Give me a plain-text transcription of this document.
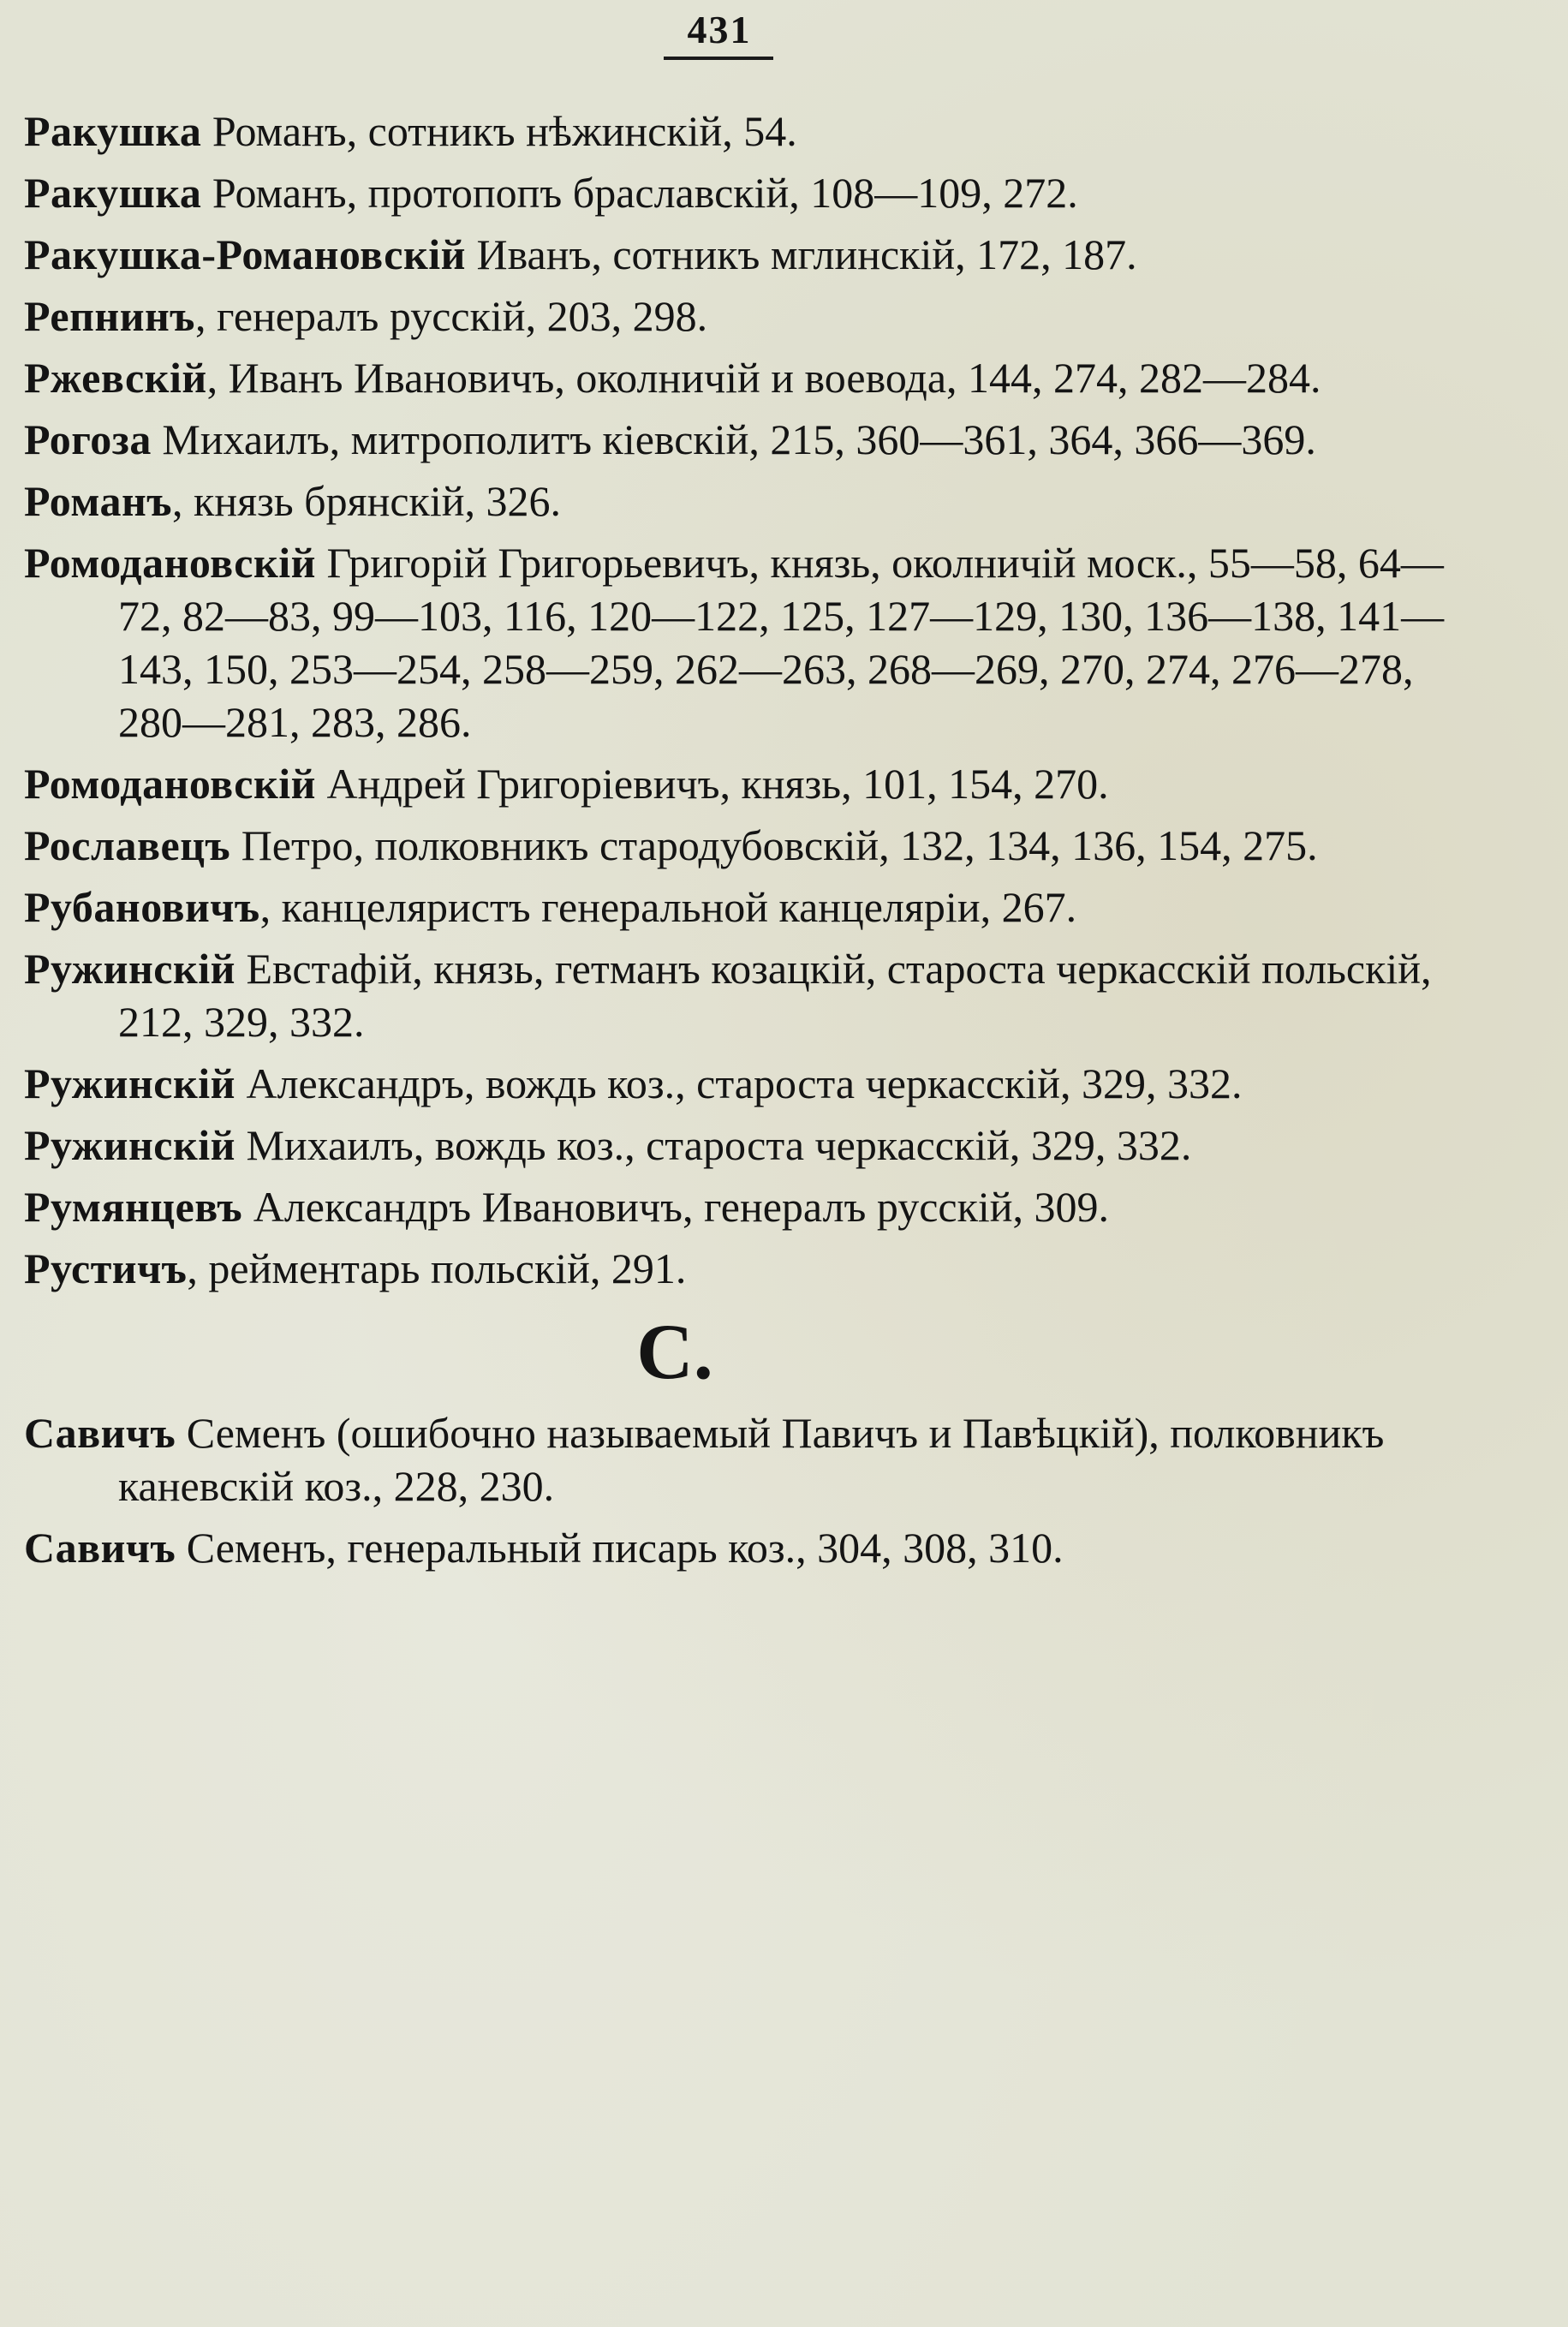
431
Ракушка Романъ, сотникъ нѣжинскій, 54.
Ракушка Романъ, протопопъ браславскій, 108—109, 272.
Ракушка-Романовскій Иванъ, сотникъ мглинскій, 172, 187.
Репнинъ, генералъ русскій, 203, 298.
Ржевскій, Иванъ Ивановичъ, околничій и воевода, 144, 274, 282—284.
Рогоза Михаилъ, митрополитъ кіевскій, 215, 360—361, 364, 366—369.
Романъ, князь брянскій, 326.
Ромодановскій Григорій Григорьевичъ, князь, околничій моск., 55—58, 64—72, 82—83, 99—103, 116, 120—122, 125, 127—129, 130, 136—138, 141—143, 150, 253—254, 258—259, 262—263, 268—269, 270, 274, 276—278, 280—281, 283, 286.
Ромодановскій Андрей Григоріевичъ, князь, 101, 154, 270.
Рославецъ Петро, полковникъ стародубовскій, 132, 134, 136, 154, 275.
Рубановичъ, канцеляристъ генеральной канцеляріи, 267.
Ружинскій Евстафій, князь, гетманъ козацкій, староста черкасскій польскій, 212, 329, 332.
Ружинскій Александръ, вождь коз., староста черкасскій, 329, 332.
Ружинскій Михаилъ, вождь коз., староста черкасскій, 329, 332.
Румянцевъ Александръ Ивановичъ, генералъ русскій, 309.
Рустичъ, рейментарь польскій, 291.
С.
Савичъ Семенъ (ошибочно называемый Павичъ и Павѣцкій), полковникъ каневскій коз., 228, 230.
Савичъ Семенъ, генеральный писарь коз., 304, 308, 310.
